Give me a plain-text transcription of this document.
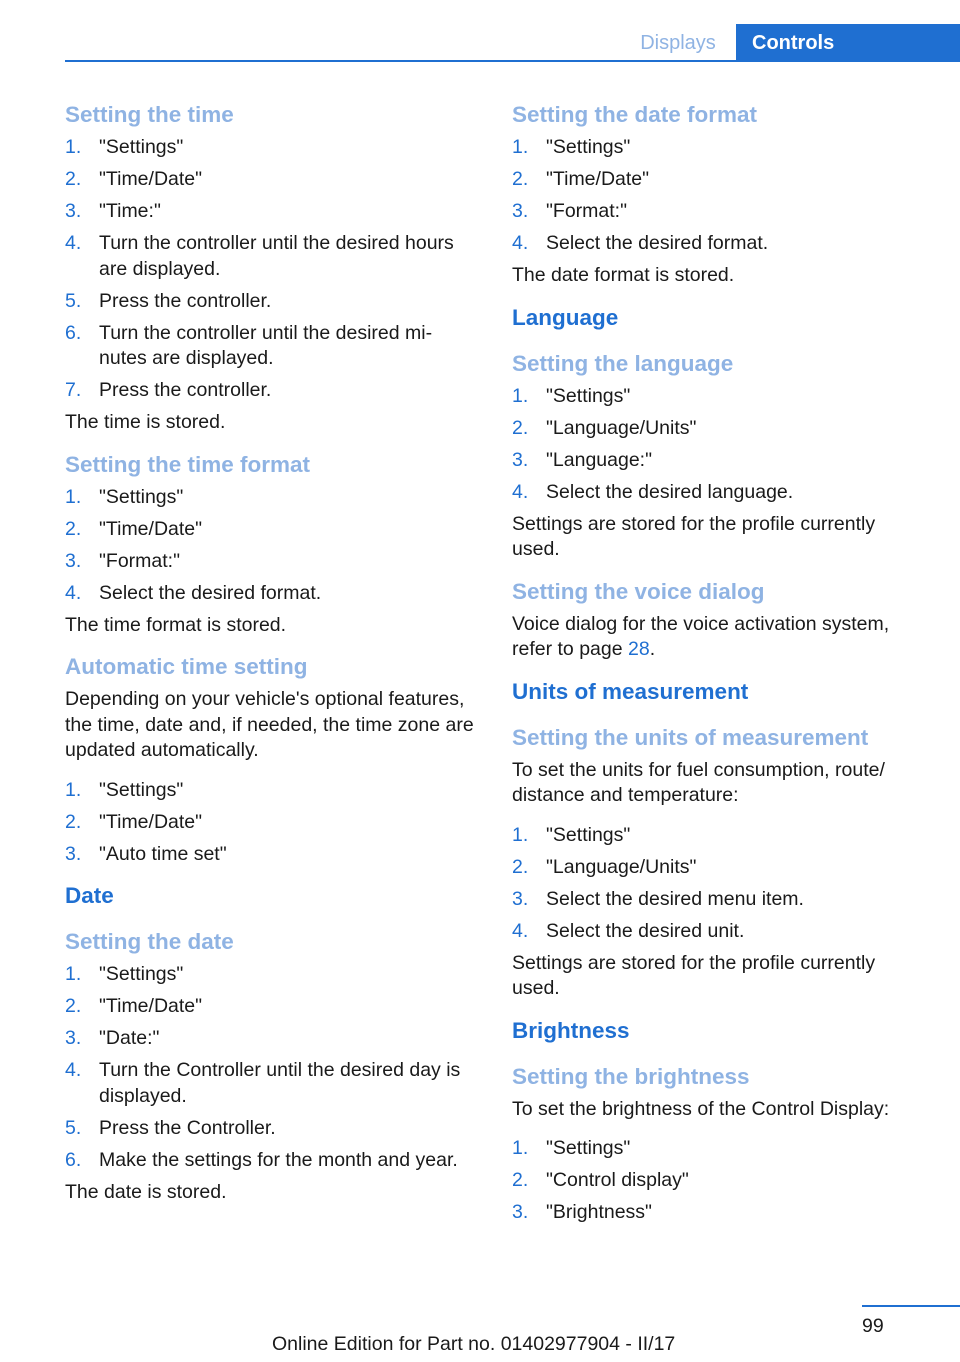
Displays	Controls
Setting the time
1. "Settings"
2. "Time/Date"
3. "Time:"
4. Turn the controller until the desired hours are displayed.
5. Press the controller.
6. Turn the controller until the desired mi‐ nutes are displayed.
7. Press the controller.

The time is stored.

Setting the time format
1. "Settings"
2. "Time/Date"
3. "Format:"
4. Select the desired format.

The time format is stored.

Automatic time setting

Depending on your vehicle's optional features, the time, date and, if needed, the time zone are updated automatically.

1. "Settings"
2. "Time/Date"
3. "Auto time set"
Date
Setting the date
1. "Settings"
2. "Time/Date"
3. "Date:"
4. Turn the Controller until the desired day is displayed.
5. Press the Controller.
6. Make the settings for the month and year.

The date is stored.

Setting the date format
1. "Settings"
2. "Time/Date"
3. "Format:"
4. Select the desired format.

The date format is stored.

Language
Setting the language
1. "Settings"
2. "Language/Units"
3. "Language:"
4. Select the desired language.

Settings are stored for the profile currently used.

Setting the voice dialog

Voice dialog for the voice activation system, refer to page 28.

Units of measurement
Setting the units of measurement

To set the units for fuel consumption, route/ distance and temperature:

1. "Settings"
2. "Language/Units"
3. Select the desired menu item.
4. Select the desired unit.

Settings are stored for the profile currently used.

Brightness
Setting the brightness

To set the brightness of the Control Display:

1. "Settings"
2. "Control display"
3. "Brightness"
99
Online Edition for Part no. 01402977904 - II/17
